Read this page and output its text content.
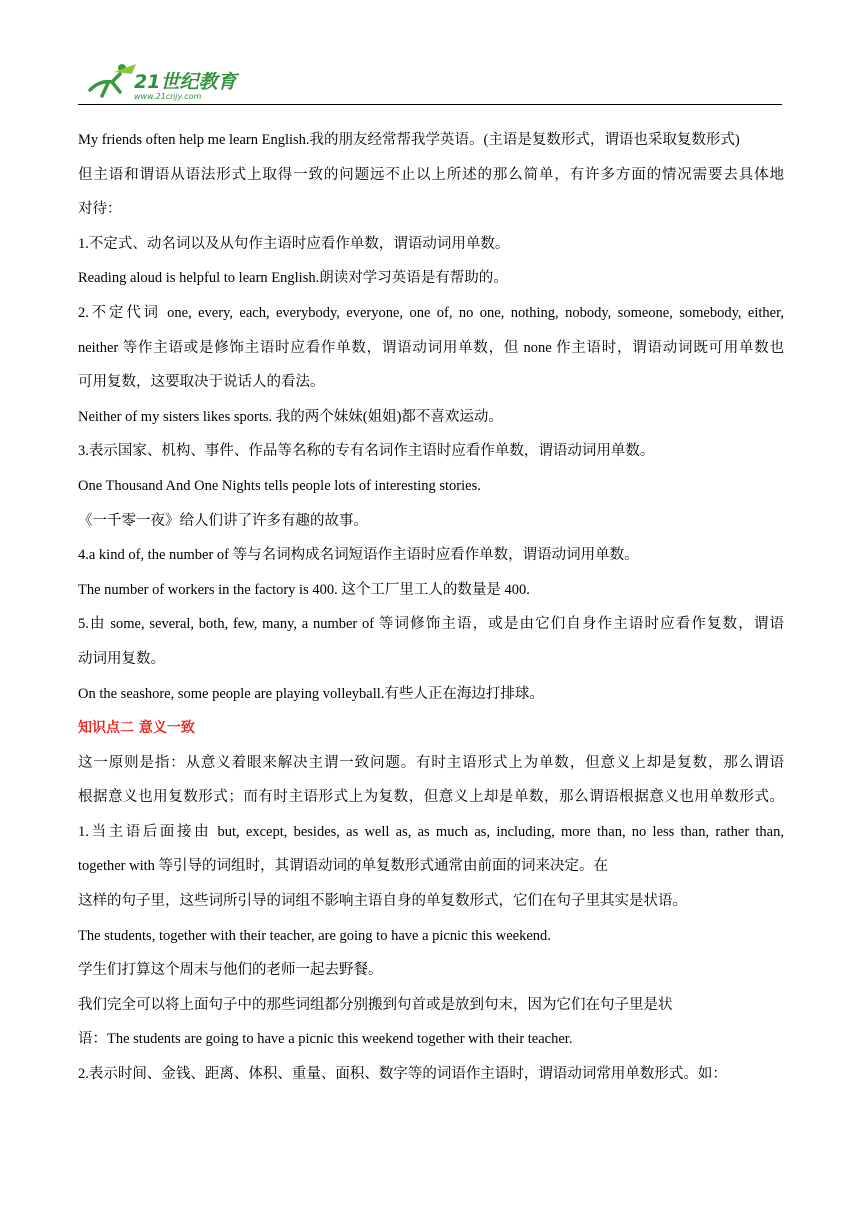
21世纪教育
www.21cnjy.com
My friends often help me learn English.我的朋友经常帮我学英语。(主语是复数形式，谓语也采取复数形式)
但主语和谓语从语法形式上取得一致的问题远不止以上所述的那么简单，有许多方面的情况需要去具体地
对待：
1.不定式、动名词以及从句作主语时应看作单数，谓语动词用单数。
Reading aloud is helpful to learn English.朗读对学习英语是有帮助的。
2.不定代词 one, every, each, everybody, everyone, one of, no one, nothing, nobody, someone, somebody, either,
neither 等作主语或是修饰主语时应看作单数，谓语动词用单数，但 none 作主语时，谓语动词既可用单数也
可用复数，这要取决于说话人的看法。
Neither of my sisters likes sports. 我的两个妹妹(姐姐)都不喜欢运动。
3.表示国家、机构、事件、作品等名称的专有名词作主语时应看作单数，谓语动词用单数。
One Thousand And One Nights tells people lots of interesting stories.
《一千零一夜》给人们讲了许多有趣的故事。
4.a kind of, the number of 等与名词构成名词短语作主语时应看作单数，谓语动词用单数。
The number of workers in the factory is 400. 这个工厂里工人的数量是 400.
5.由 some, several, both, few, many, a number of 等词修饰主语，或是由它们自身作主语时应看作复数，谓语
动词用复数。
On the seashore, some people are playing volleyball.有些人正在海边打排球。
知识点二 意义一致
这一原则是指：从意义着眼来解决主谓一致问题。有时主语形式上为单数，但意义上却是复数，那么谓语
根据意义也用复数形式；而有时主语形式上为复数，但意义上却是单数，那么谓语根据意义也用单数形式。
1.当主语后面接由 but, except, besides, as well as, as much as, including, more than, no less than, rather than,
together with 等引导的词组时，其谓语动词的单复数形式通常由前面的词来决定。在
这样的句子里，这些词所引导的词组不影响主语自身的单复数形式，它们在句子里其实是状语。
The students, together with their teacher, are going to have a picnic this weekend.
学生们打算这个周末与他们的老师一起去野餐。
我们完全可以将上面句子中的那些词组都分别搬到句首或是放到句末，因为它们在句子里是状
语：The students are going to have a picnic this weekend together with their teacher.
2.表示时间、金钱、距离、体积、重量、面积、数字等的词语作主语时，谓语动词常用单数形式。如：
